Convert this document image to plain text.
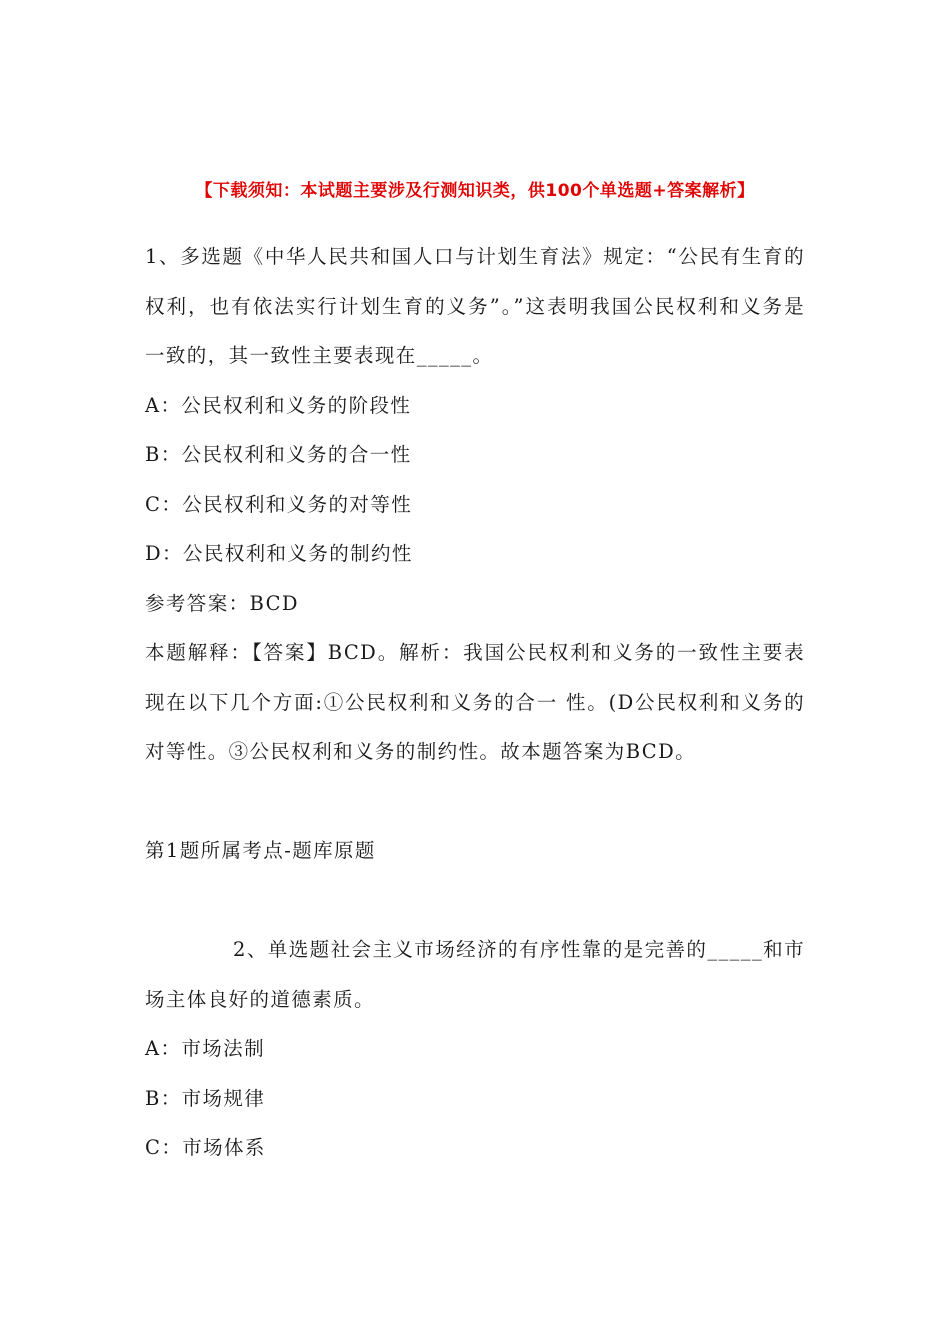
【下载须知：本试题主要涉及行测知识类，供100个单选题+答案解析】

1、多选题《中华人民共和国人口与计划生育法》规定：“公民有生育的权利，也有依法实行计划生育的义务”。”这表明我国公民权利和义务是一致的，其一致性主要表现在_____。

A：公民权利和义务的阶段性

B：公民权利和义务的合一性

C：公民权利和义务的对等性

D：公民权利和义务的制约性

参考答案：BCD

本题解释：【答案】BCD。解析：我国公民权利和义务的一致性主要表现在以下几个方面:①公民权利和义务的合一 性。(D公民权利和义务的对等性。③公民权利和义务的制约性。故本题答案为BCD。

第1题所属考点-题库原题

2、单选题社会主义市场经济的有序性靠的是完善的_____和市场主体良好的道德素质。

A：市场法制

B：市场规律

C：市场体系
